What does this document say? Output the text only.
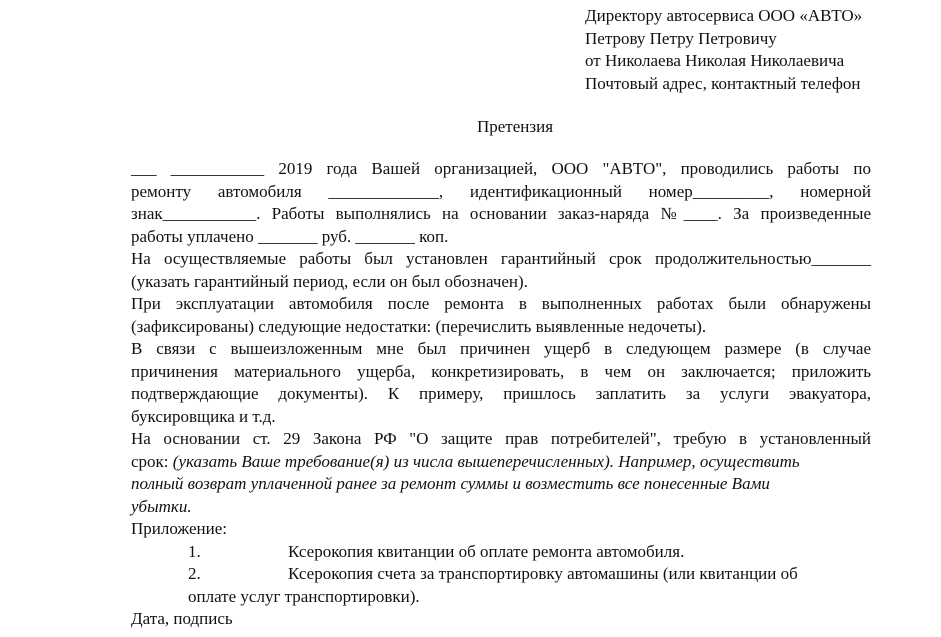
Директору автосервиса ООО «АВТО»
Петрову Петру Петровичу
от Николаева Николая Николаевича
Почтовый адрес, контактный телефон
Претензия
___ ___________ 2019 года Вашей организацией, ООО "АВТО", проводились работы по
ремонту автомобиля _____________, идентификационный номер_________, номерной
знак___________. Работы выполнялись на основании заказ-наряда №____. За произведенные
работы уплачено _______ руб. _______ коп.
На осуществляемые работы был установлен гарантийный срок продолжительностью_______
(указать гарантийный период, если он был обозначен).
При эксплуатации автомобиля после ремонта в выполненных работах были обнаружены
(зафиксированы) следующие недостатки: (перечислить выявленные недочеты).
В связи с вышеизложенным мне был причинен ущерб в следующем размере (в случае
причинения материального ущерба, конкретизировать, в чем он заключается; приложить
подтверждающие документы). К примеру, пришлось заплатить за услуги эвакуатора,
буксировщика и т.д.
На основании ст. 29 Закона РФ "О защите прав потребителей", требую в установленный
срок: (указать Ваше требование(я) из числа вышеперечисленных). Например, осуществить
полный возврат уплаченной ранее за ремонт суммы и возместить все понесенные Вами
убытки.
Приложение:
1.	Ксерокопия квитанции об оплате ремонта автомобиля.
2.	Ксерокопия счета за транспортировку автомашины (или квитанции об
оплате услуг транспортировки).
Дата, подпись
